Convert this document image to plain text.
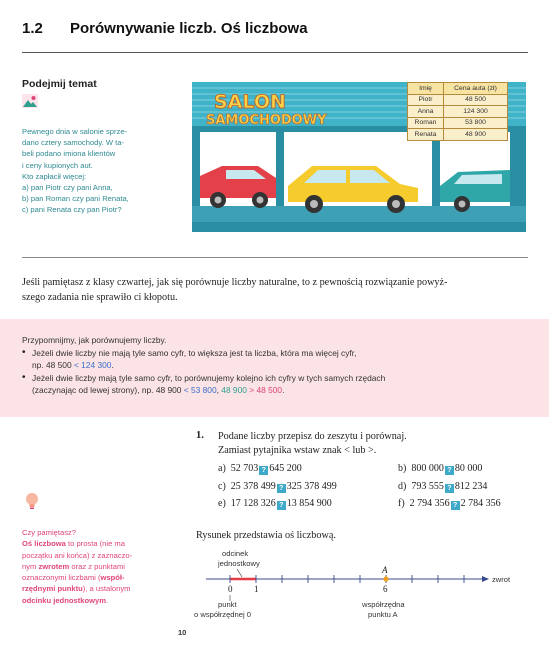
1.2 Porównywanie liczb. Oś liczbowa
Podejmij temat
Pewnego dnia w salonie sprze-
dano cztery samochody. W ta-
beli podano imiona klientów
i ceny kupionych aut.
Kto zapłacił więcej:
a) pan Piotr czy pani Anna,
b) pan Roman czy pani Renata,
c) pani Renata czy pan Piotr?
SALON
SAMOCHODOWY
Imię	Cena auta (zł)
Piotr	48 500
Anna	124 300
Roman	53 800
Renata	48 900
Jeśli pamiętasz z klasy czwartej, jak się porównuje liczby naturalne, to z pewnością rozwiązanie powyż-
szego zadania nie sprawiło ci kłopotu.
Przypomnijmy, jak porównujemy liczby.
• Jeżeli dwie liczby nie mają tyle samo cyfr, to większa jest ta liczba, która ma więcej cyfr,
np. 48 500 < 124 300.
• Jeżeli dwie liczby mają tyle samo cyfr, to porównujemy kolejno ich cyfry w tych samych rzędach
(zaczynając od lewej strony), np. 48 900 < 53 800, 48 900 > 48 500.
1. Podane liczby przepisz do zeszytu i porównaj.
Zamiast pytajnika wstaw znak < lub >.
a) 52 703 ? 645 200	b) 800 000 ? 80 000
c) 25 378 499 ? 325 378 499	d) 793 555 ? 812 234
e) 17 128 326 ? 13 854 900	f) 2 794 356 ? 2 784 356
Rysunek przedstawia oś liczbową.
Czy pamiętasz?
Oś liczbowa to prosta (nie ma
początku ani końca) z zaznaczo-
nym zwrotem oraz z punktami
oznaczonymi liczbami (współ-
rzędnymi punktu), a ustalonym
odcinku jednostkowym.
odcinek
jednostkowy
0 1	6
A
zwrot
punkt
o współrzędnej 0
współrzędna
punktu A
10
